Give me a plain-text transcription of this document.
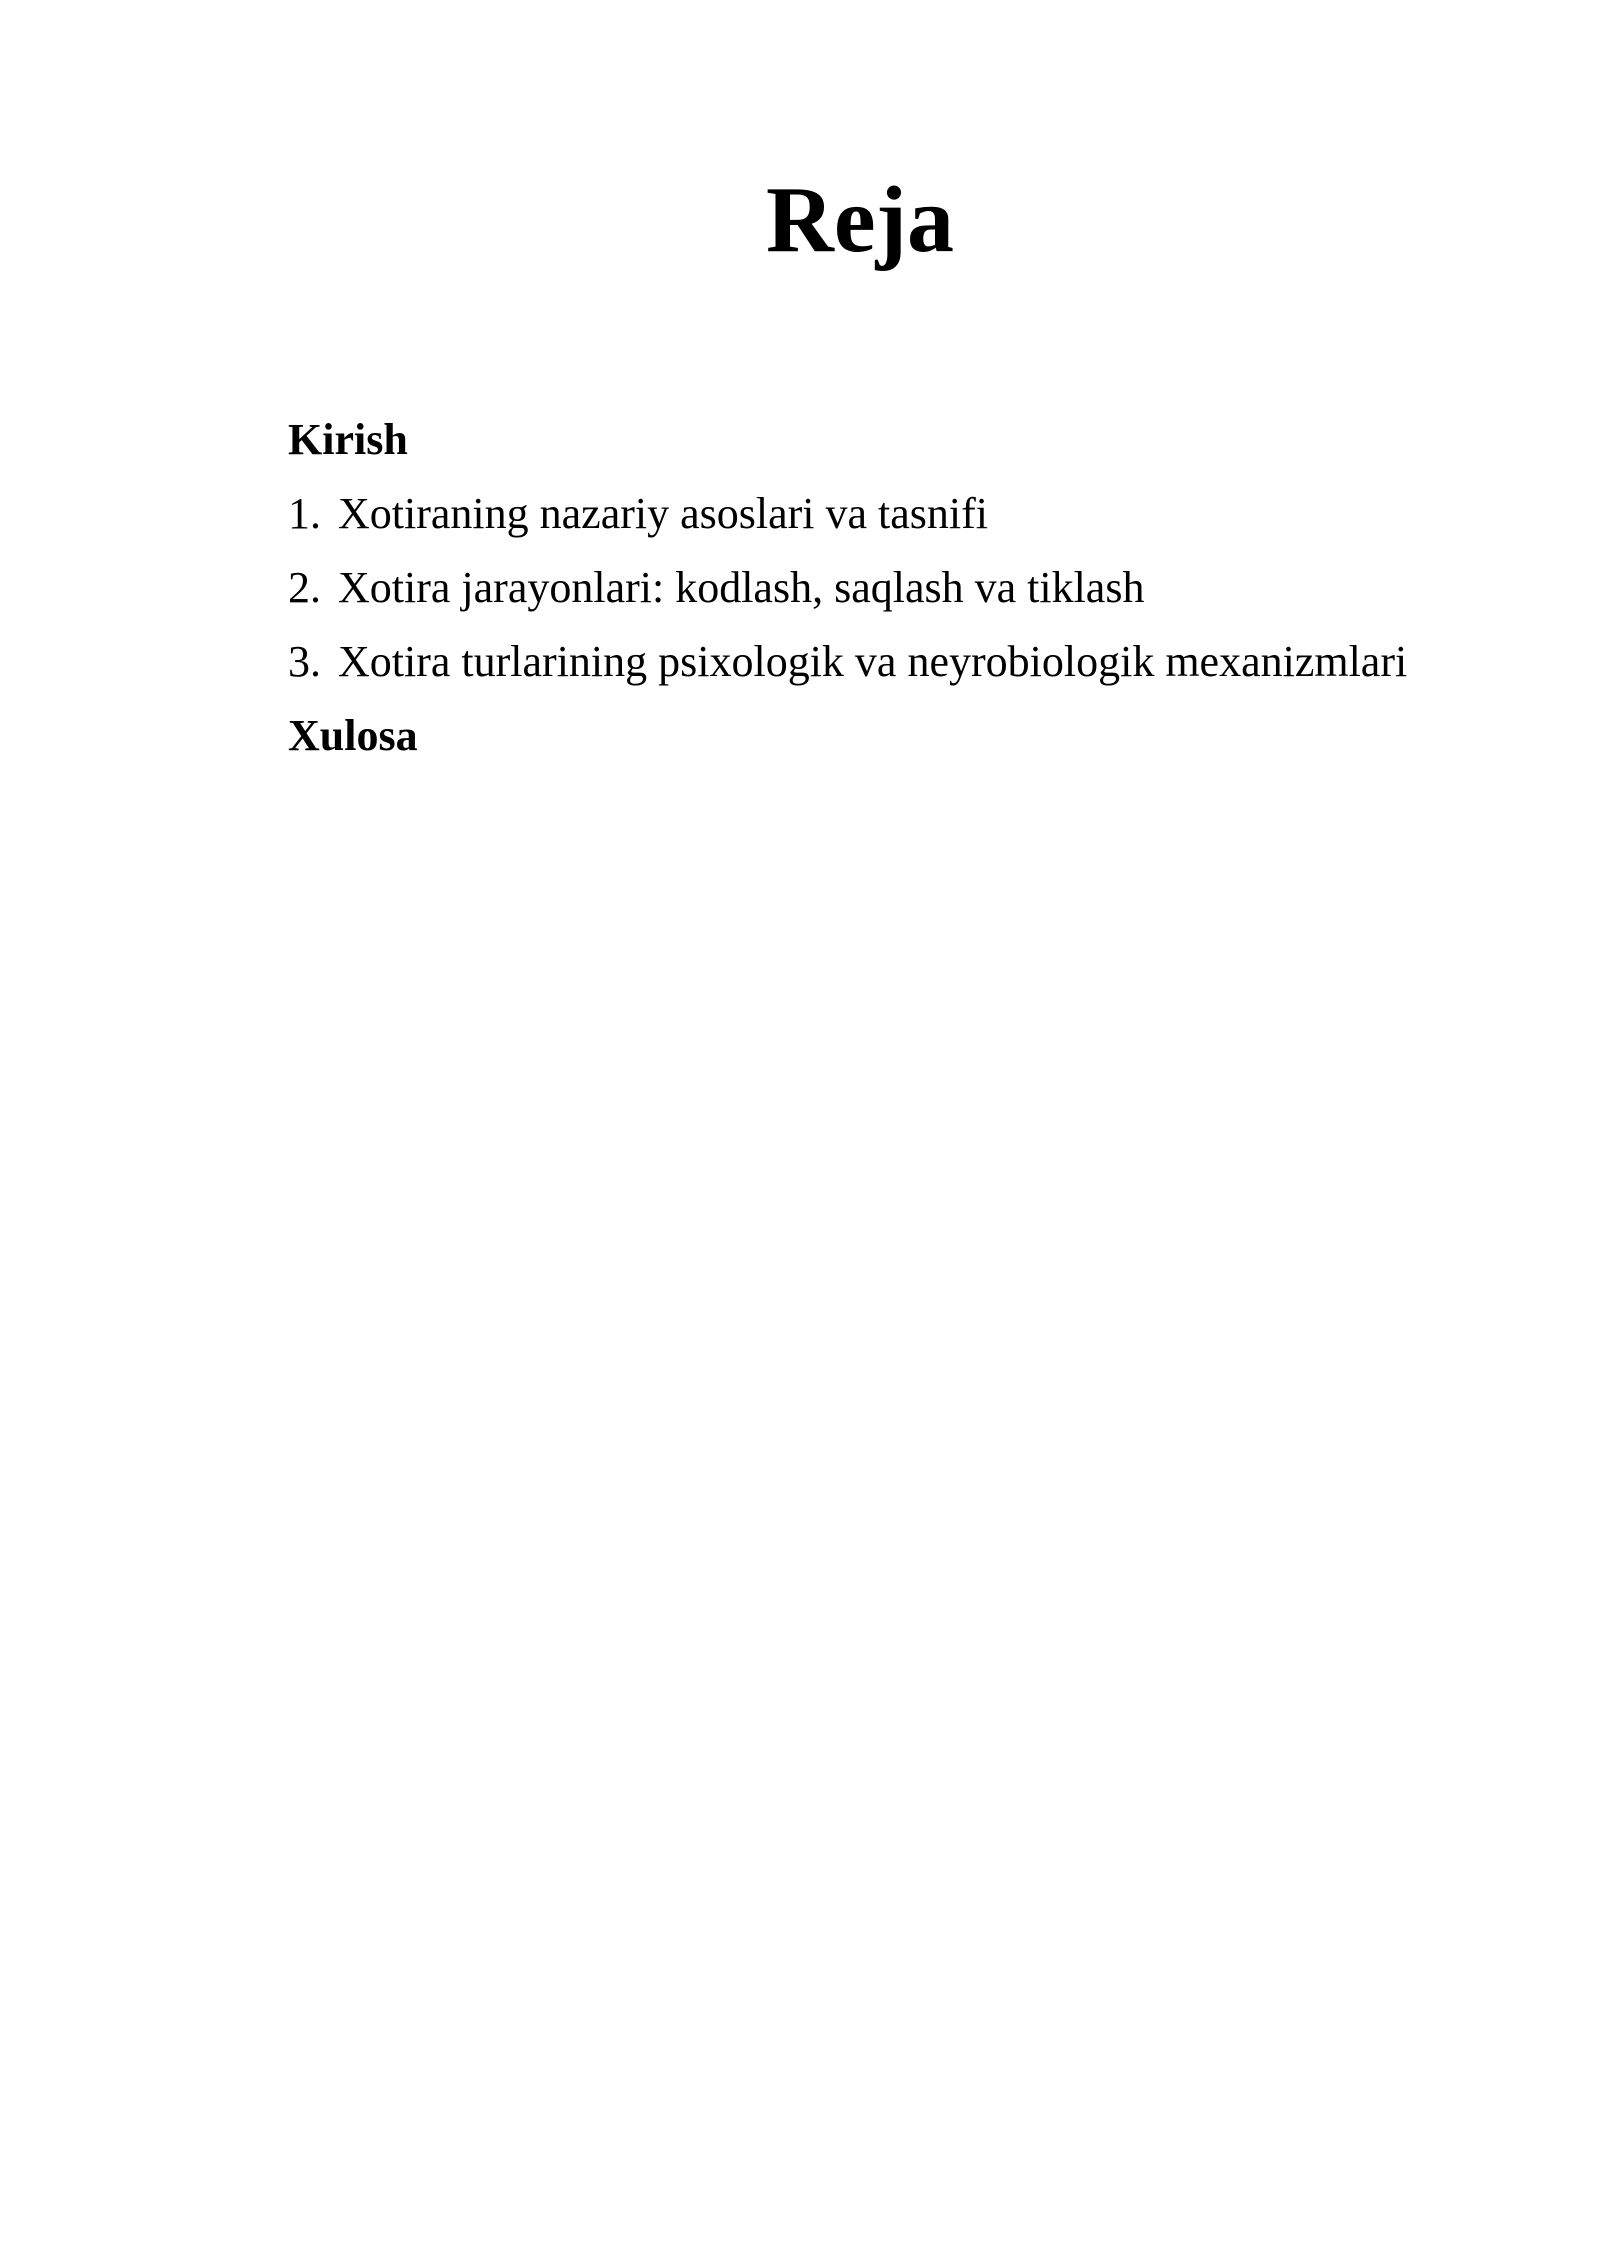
Reja
Kirish
1. Xotiraning nazariy asoslari va tasnifi
2. Xotira jarayonlari: kodlash, saqlash va tiklash
3. Xotira turlarining psixologik va neyrobiologik mexanizmlari
Xulosa
